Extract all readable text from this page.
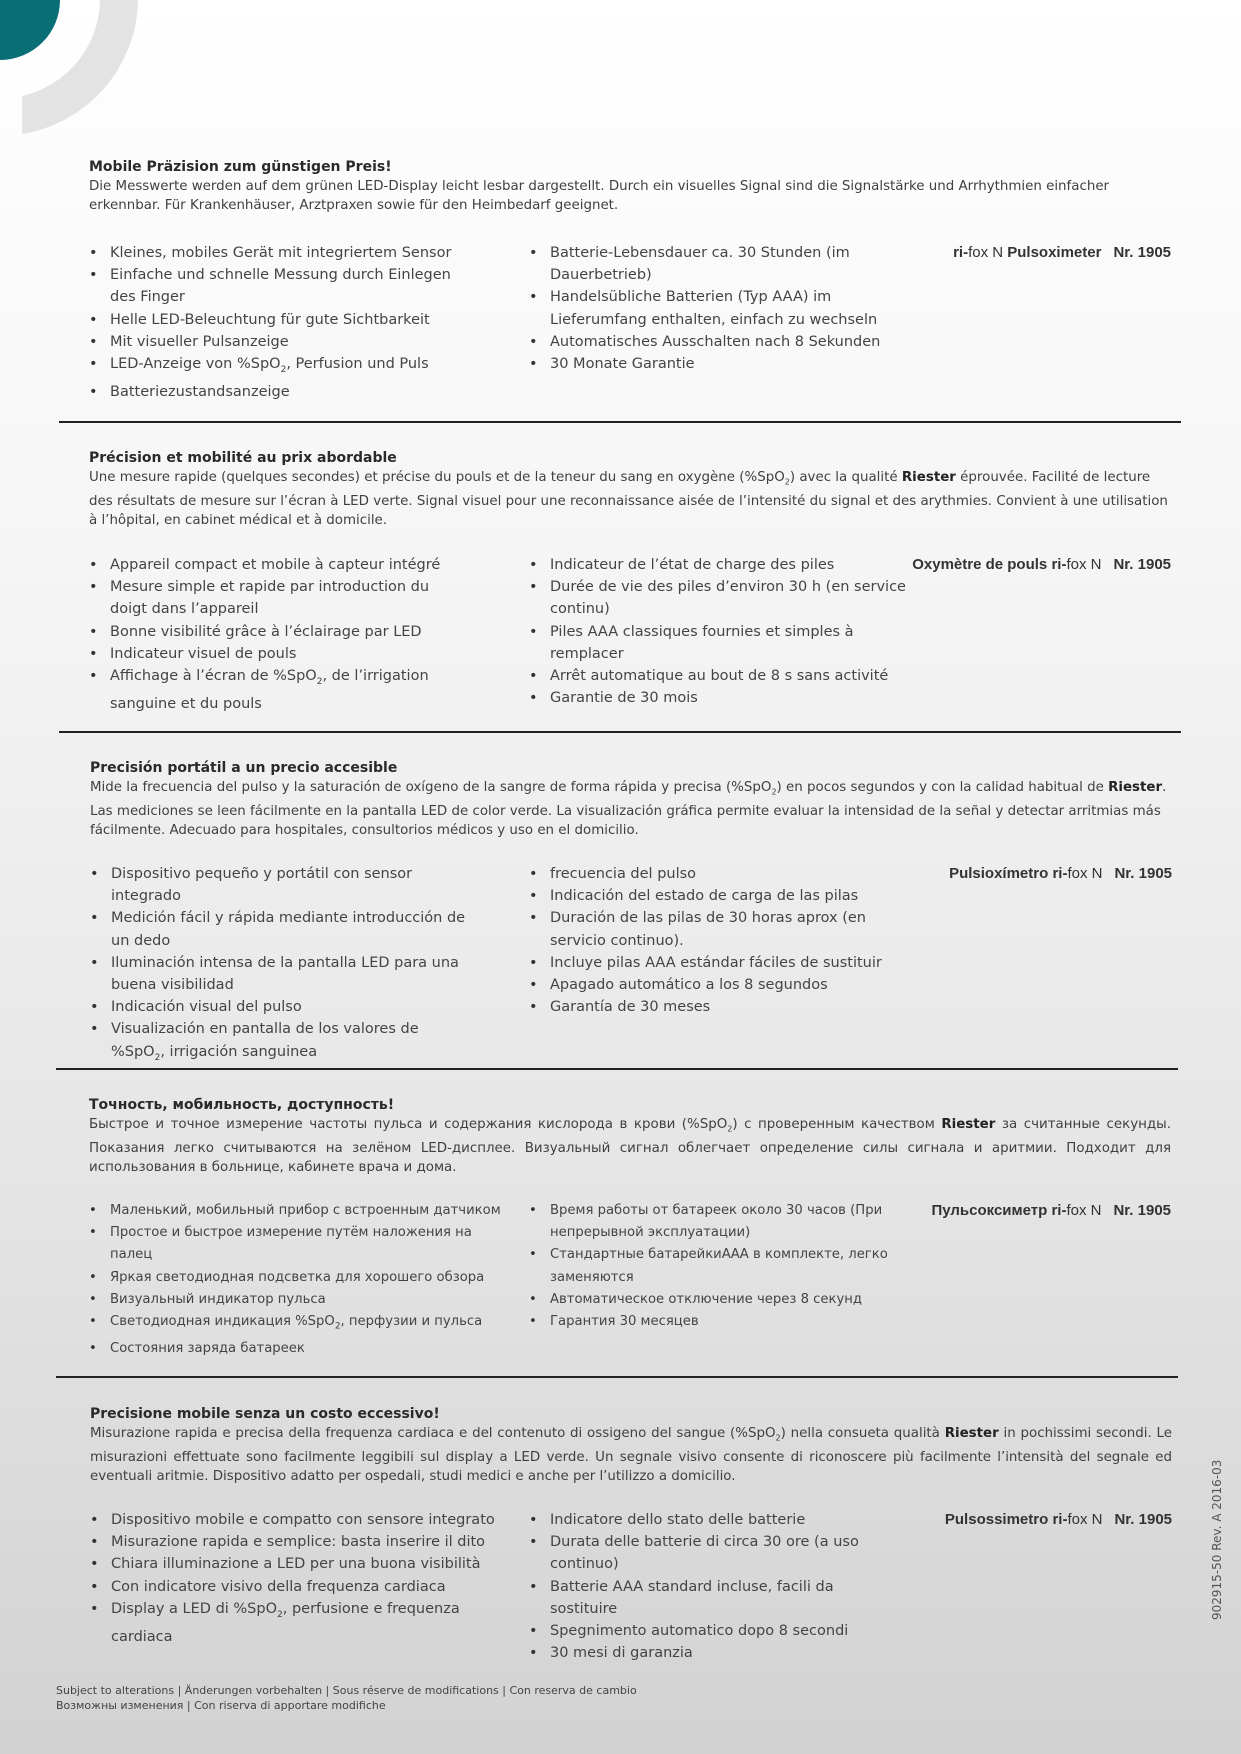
Mobile Präzision zum günstigen Preis!

Die Messwerte werden auf dem grünen LED-Display leicht lesbar dargestellt. Durch ein visuelles Signal sind die Signalstärke und Arrhythmien einfacher erkennbar. Für Krankenhäuser, Arztpraxen sowie für den Heimbedarf geeignet.

• Kleines, mobiles Gerät mit integriertem Sensor
• Einfache und schnelle Messung durch Einlegen des Finger
• Helle LED-Beleuchtung für gute Sichtbarkeit
• Mit visueller Pulsanzeige
• LED-Anzeige von %SpO$_2$, Perfusion und Puls
• Batteriezustandsanzeige
• Batterie-Lebensdauer ca. 30 Stunden (im Dauerbetrieb)
• Handelsübliche Batterien (Typ AAA) im Lieferumfang enthalten, einfach zu wechseln
• Automatisches Ausschalten nach 8 Sekunden
• 30 Monate Garantie
ri-fox N Pulsoximeter Nr. 1905

Précision et mobilité au prix abordable

Une mesure rapide (quelques secondes) et précise du pouls et de la teneur du sang en oxygène (%SpO$_2$) avec la qualité Riester éprouvée. Facilité de lecture des résultats de mesure sur l’écran à LED verte. Signal visuel pour une reconnaissance aisée de l’intensité du signal et des arythmies. Convient à une utilisation à l’hôpital, en cabinet médical et à domicile.

• Appareil compact et mobile à capteur intégré
• Mesure simple et rapide par introduction du doigt dans l’appareil
• Bonne visibilité grâce à l’éclairage par LED
• Indicateur visuel de pouls
• Affichage à l’écran de %SpO$_2$, de l’irrigation sanguine et du pouls
• Indicateur de l’état de charge des piles
• Durée de vie des piles d’environ 30 h (en service continu)
• Piles AAA classiques fournies et simples à remplacer
• Arrêt automatique au bout de 8 s sans activité
• Garantie de 30 mois
Oxymètre de pouls ri-fox N Nr. 1905

Precisión portátil a un precio accesible

Mide la frecuencia del pulso y la saturación de oxígeno de la sangre de forma rápida y precisa (%SpO$_2$) en pocos segundos y con la calidad habitual de Riester. Las mediciones se leen fácilmente en la pantalla LED de color verde. La visualización gráfica permite evaluar la intensidad de la señal y detectar arritmias más fácilmente. Adecuado para hospitales, consultorios médicos y uso en el domicilio.

• Dispositivo pequeño y portátil con sensor integrado
• Medición fácil y rápida mediante introducción de un dedo
• Iluminación intensa de la pantalla LED para una buena visibilidad
• Indicación visual del pulso
• Visualización en pantalla de los valores de %SpO$_2$, irrigación sanguinea
• frecuencia del pulso
• Indicación del estado de carga de las pilas
• Duración de las pilas de 30 horas aprox (en servicio continuo).
• Incluye pilas AAA estándar fáciles de sustituir
• Apagado automático a los 8 segundos
• Garantía de 30 meses
Pulsioxímetro ri-fox N Nr. 1905

Точность, мобильность, доступность!

Быстрое и точное измерение частоты пульса и содержания кислорода в крови (%SpO$_2$) с проверенным качеством Riester за считанные секунды. Показания легко считываются на зелёном LED-дисплее. Визуальный сигнал облегчает определение силы сигнала и аритмии. Подходит для использования в больнице, кабинете врача и дома.

• Маленький, мобильный прибор с встроенным датчиком
• Простое и быстрое измерение путём наложения на палец
• Яркая светодиодная подсветка для хорошего обзора
• Визуальный индикатор пульса
• Светодиодная индикация %SpO$_2$, перфузии и пульса
• Состояния заряда батареек
• Время работы от батареек около 30 часов (При непрерывной эксплуатации)
• Стандартные батарейкиААА в комплекте, легко заменяются
• Автоматическое отключение через 8 секунд
• Гарантия 30 месяцев
Пульсоксиметр ri-fox N Nr. 1905

Precisione mobile senza un costo eccessivo!

Misurazione rapida e precisa della frequenza cardiaca e del contenuto di ossigeno del sangue (%SpO$_2$) nella consueta qualità Riester in pochissimi secondi. Le misurazioni effettuate sono facilmente leggibili sul display a LED verde. Un segnale visivo consente di riconoscere più facilmente l’intensità del segnale ed eventuali aritmie. Dispositivo adatto per ospedali, studi medici e anche per l’utilizzo a domicilio.

• Dispositivo mobile e compatto con sensore integrato
• Misurazione rapida e semplice: basta inserire il dito
• Chiara illuminazione a LED per una buona visibilità
• Con indicatore visivo della frequenza cardiaca
• Display a LED di %SpO$_2$, perfusione e frequenza cardiaca
• Indicatore dello stato delle batterie
• Durata delle batterie di circa 30 ore (a uso continuo)
• Batterie AAA standard incluse, facili da sostituire
• Spegnimento automatico dopo 8 secondi
• 30 mesi di garanzia
Pulsossimetro ri-fox N Nr. 1905
Subject to alterations | Änderungen vorbehalten | Sous réserve de modifications | Con reserva de cambio
Возможны изменения | Con riserva di apportare modifiche
902915-50 Rev. A 2016-03
